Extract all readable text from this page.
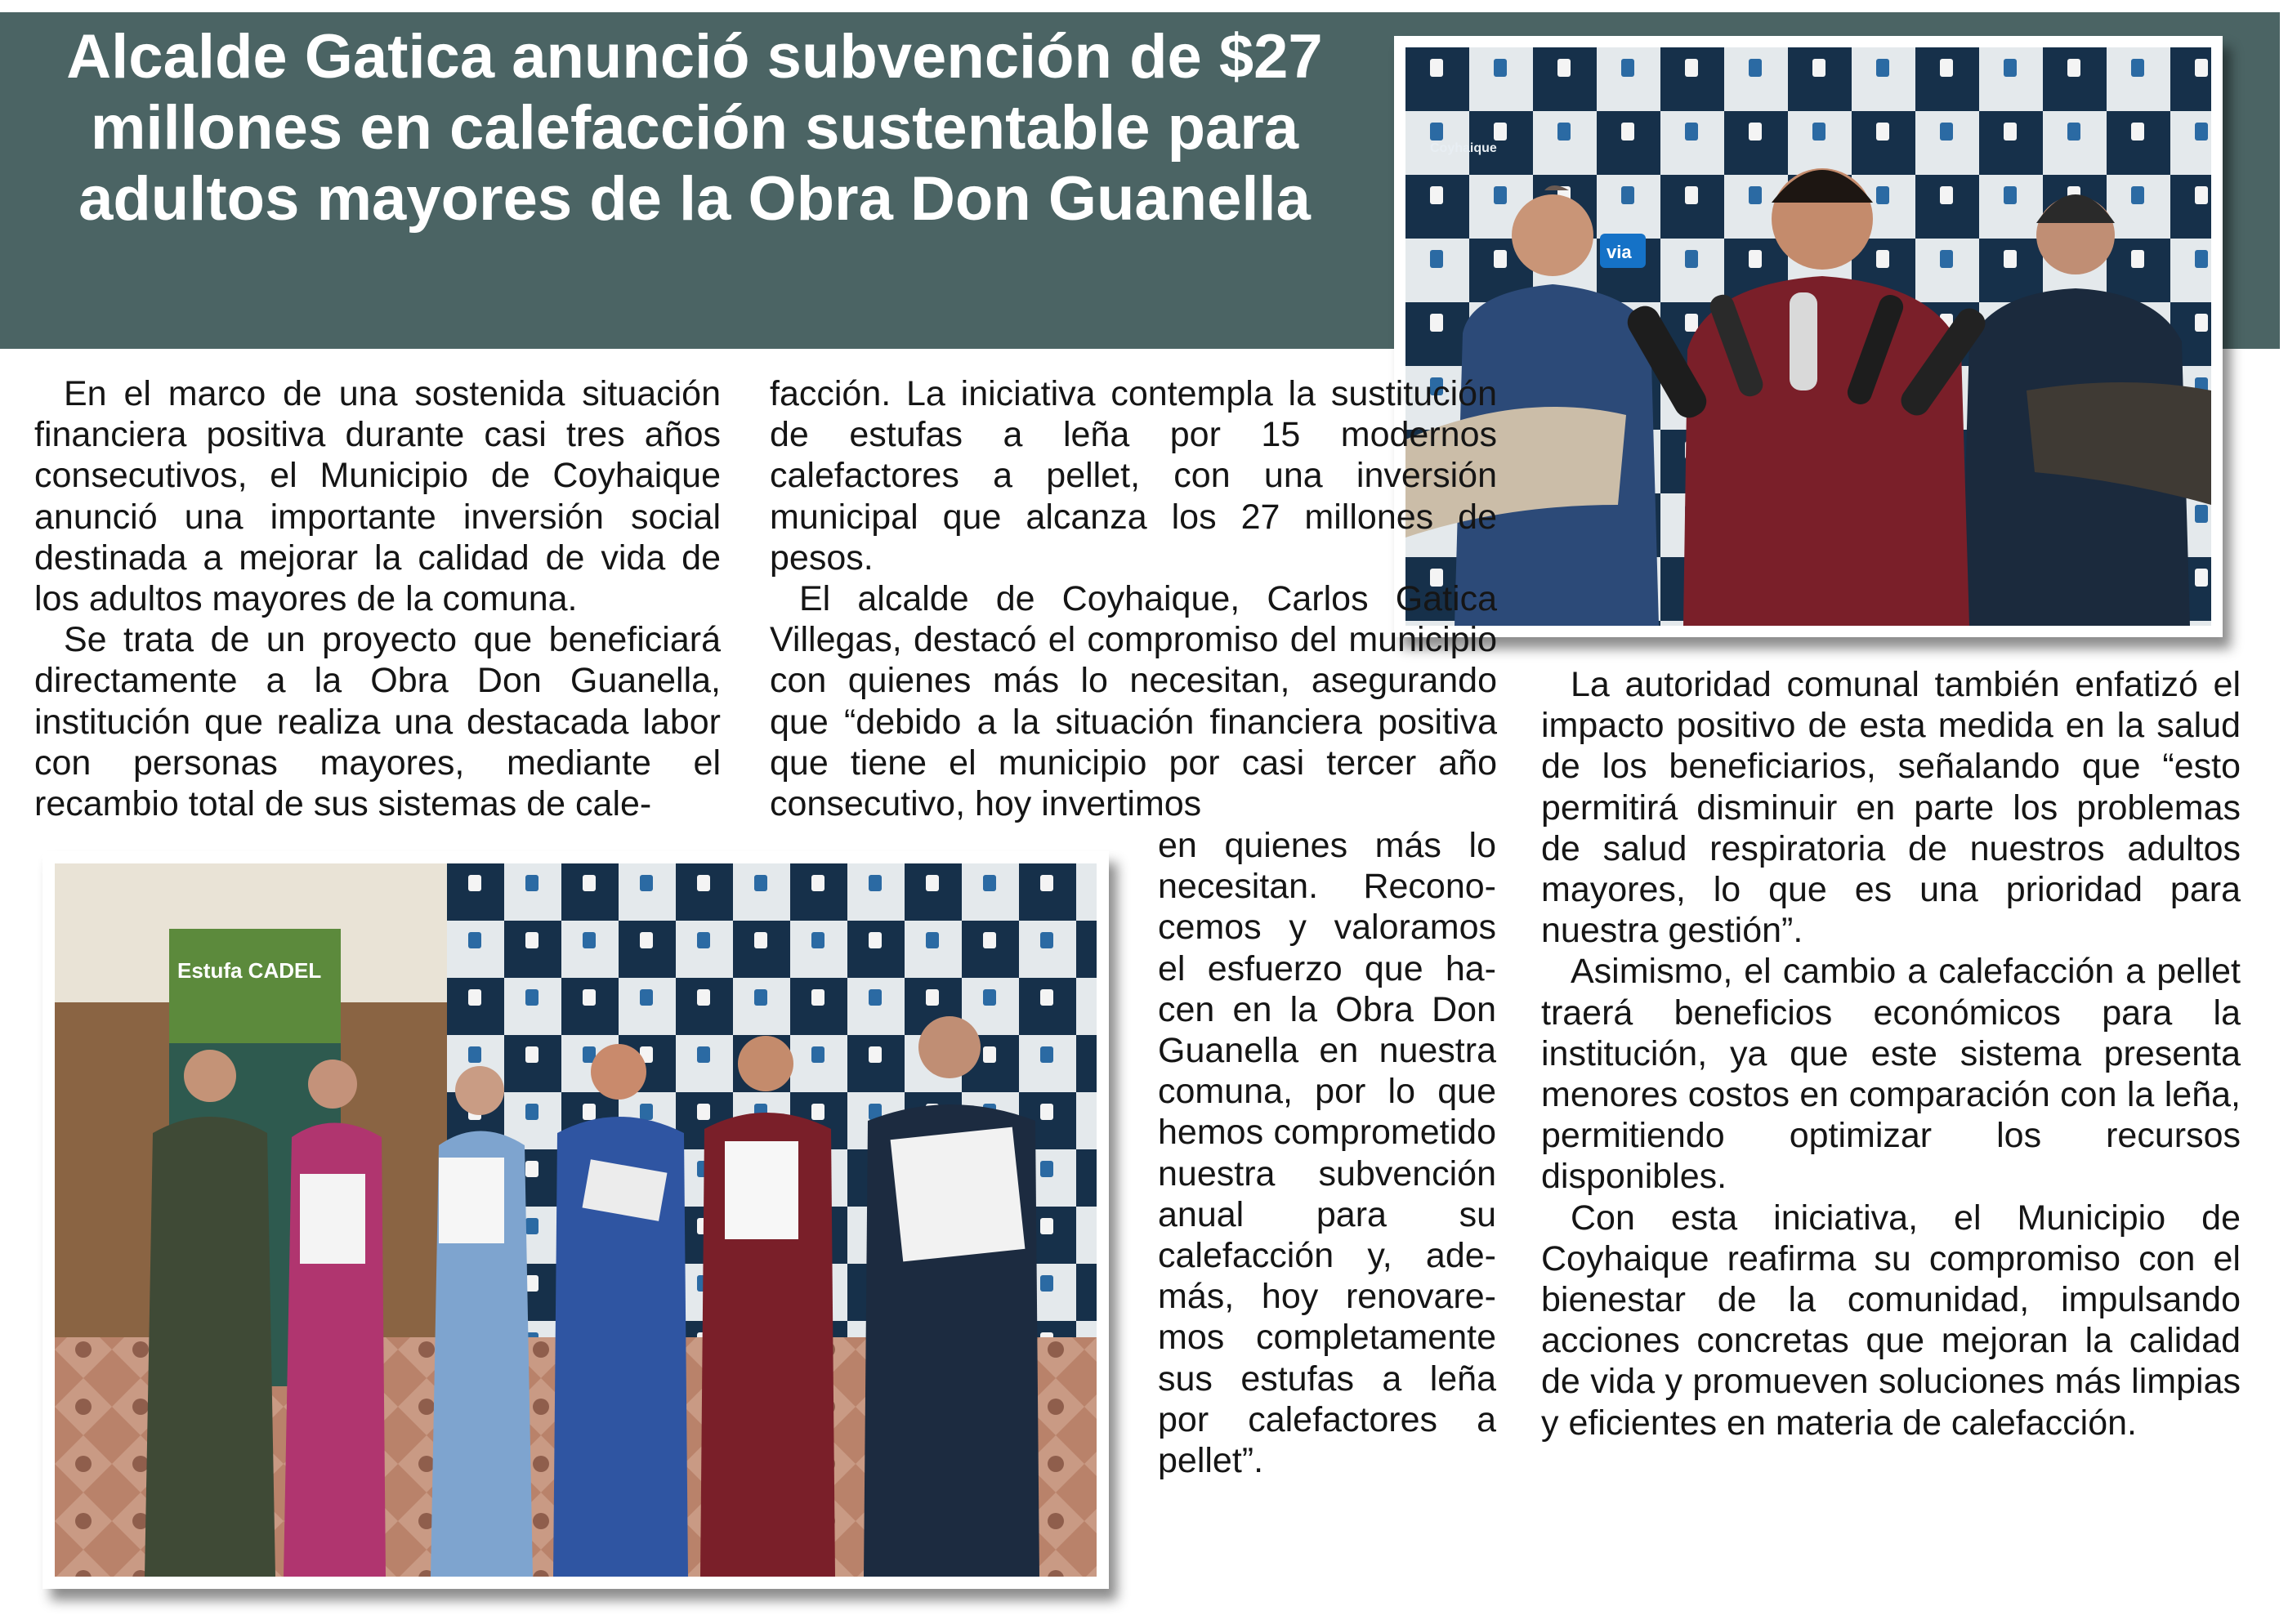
Alcalde Gatica anunció subvención de $27 millones en calefacción sustentable para adultos mayores de la Obra Don Guanella
Coyhaique
via
Estufa CADEL

En el marco de una sostenida situación financiera positiva durante casi tres años consecutivos, el Municipio de Coyhaique anunció una importante inversión social destinada a mejorar la calidad de vida de los adultos mayores de la comuna.

Se trata de un proyecto que beneficiará directamente a la Obra Don Guanella, institución que realiza una destacada labor con personas mayores, mediante el recambio total de sus sistemas de cale-

facción. La iniciativa contempla la sustitución de estufas a leña por 15 modernos calefactores a pellet, con una inversión municipal que alcanza los 27 millones de pesos.

El alcalde de Coyhaique, Carlos Gatica Villegas, destacó el compromiso del municipio con quienes más lo necesitan, asegurando que “debido a la situación financiera positiva que tiene el municipio por casi tercer año consecutivo, hoy invertimos

en quienes más lo necesitan. Reconocemos y valoramos el esfuerzo que hacen en la Obra Don Guanella en nuestra comuna, por lo que hemos comprometido nuestra subvención anual para su calefacción y, además, hoy renovaremos completamente sus estufas a leña por calefactores a pellet”.

La autoridad comunal también enfatizó el impacto positivo de esta medida en la salud de los beneficiarios, señalando que “esto permitirá disminuir en parte los problemas de salud respiratoria de nuestros adultos mayores, lo que es una prioridad para nuestra gestión”.

Asimismo, el cambio a calefacción a pellet traerá beneficios económicos para la institución, ya que este sistema presenta menores costos en comparación con la leña, permitiendo optimizar los recursos disponibles.

Con esta iniciativa, el Municipio de Coyhaique reafirma su compromiso con el bienestar de la comunidad, impulsando acciones concretas que mejoran la calidad de vida y promueven soluciones más limpias y eficientes en materia de calefacción.
